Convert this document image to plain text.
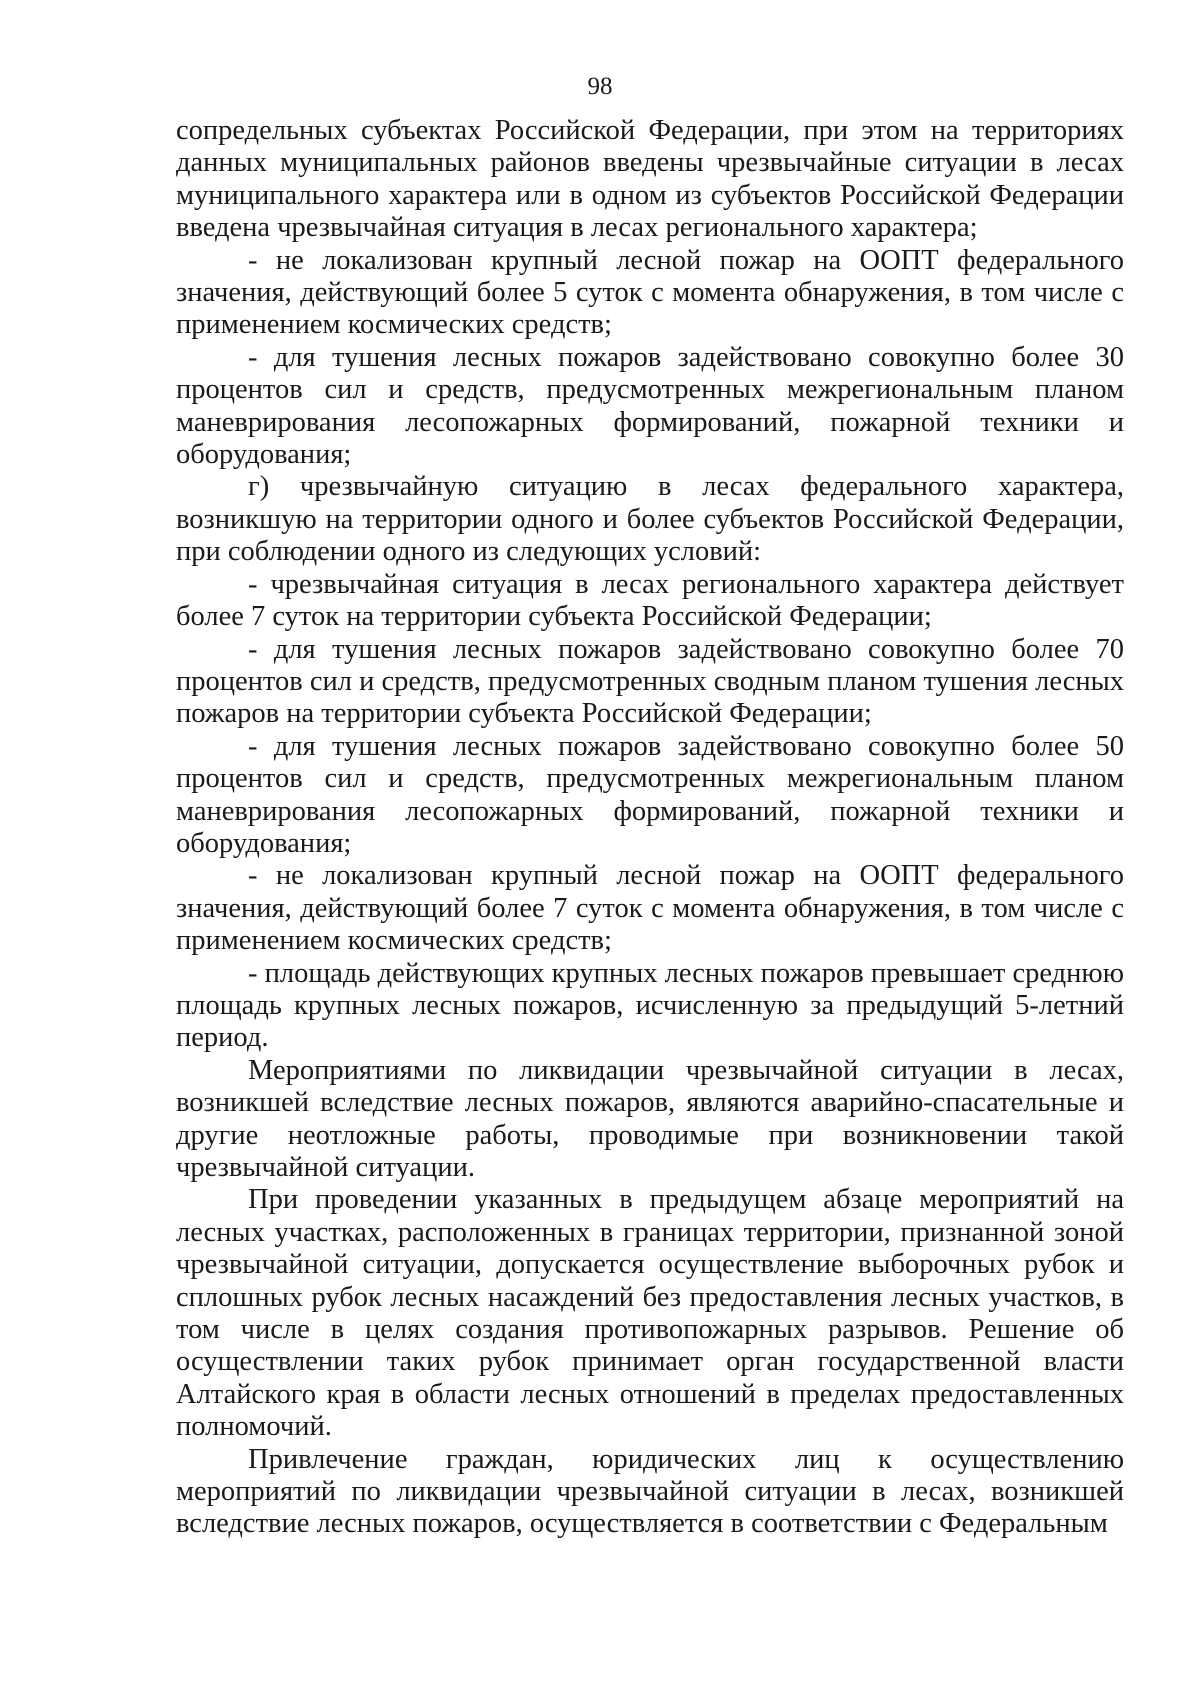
98

сопредельных субъектах Российской Федерации, при этом на территориях данных муниципальных районов введены чрезвычайные ситуации в лесах муниципального характера или в одном из субъектов Российской Федерации введена чрезвычайная ситуация в лесах регионального характера;

- не локализован крупный лесной пожар на ООПТ федерального значения, действующий более 5 суток с момента обнаружения, в том числе с применением космических средств;

- для тушения лесных пожаров задействовано совокупно более 30 процентов сил и средств, предусмотренных межрегиональным планом маневрирования лесопожарных формирований, пожарной техники и оборудования;

г) чрезвычайную ситуацию в лесах федерального характера, возникшую на территории одного и более субъектов Российской Федерации, при соблюдении одного из следующих условий:

- чрезвычайная ситуация в лесах регионального характера действует более 7 суток на территории субъекта Российской Федерации;

- для тушения лесных пожаров задействовано совокупно более 70 процентов сил и средств, предусмотренных сводным планом тушения лесных пожаров на территории субъекта Российской Федерации;

- для тушения лесных пожаров задействовано совокупно более 50 процентов сил и средств, предусмотренных межрегиональным планом маневрирования лесопожарных формирований, пожарной техники и оборудования;

- не локализован крупный лесной пожар на ООПТ федерального значения, действующий более 7 суток с момента обнаружения, в том числе с применением космических средств;

- площадь действующих крупных лесных пожаров превышает среднюю площадь крупных лесных пожаров, исчисленную за предыдущий 5-летний период.

Мероприятиями по ликвидации чрезвычайной ситуации в лесах, возникшей вследствие лесных пожаров, являются аварийно-спасательные и другие неотложные работы, проводимые при возникновении такой чрезвычайной ситуации.

При проведении указанных в предыдущем абзаце мероприятий на лесных участках, расположенных в границах территории, признанной зоной чрезвычайной ситуации, допускается осуществление выборочных рубок и сплошных рубок лесных насаждений без предоставления лесных участков, в том числе в целях создания противопожарных разрывов. Решение об осуществлении таких рубок принимает орган государственной власти Алтайского края в области лесных отношений в пределах предоставленных полномочий.

Привлечение граждан, юридических лиц к осуществлению мероприятий по ликвидации чрезвычайной ситуации в лесах, возникшей вследствие лесных пожаров, осуществляется в соответствии с Федеральным
